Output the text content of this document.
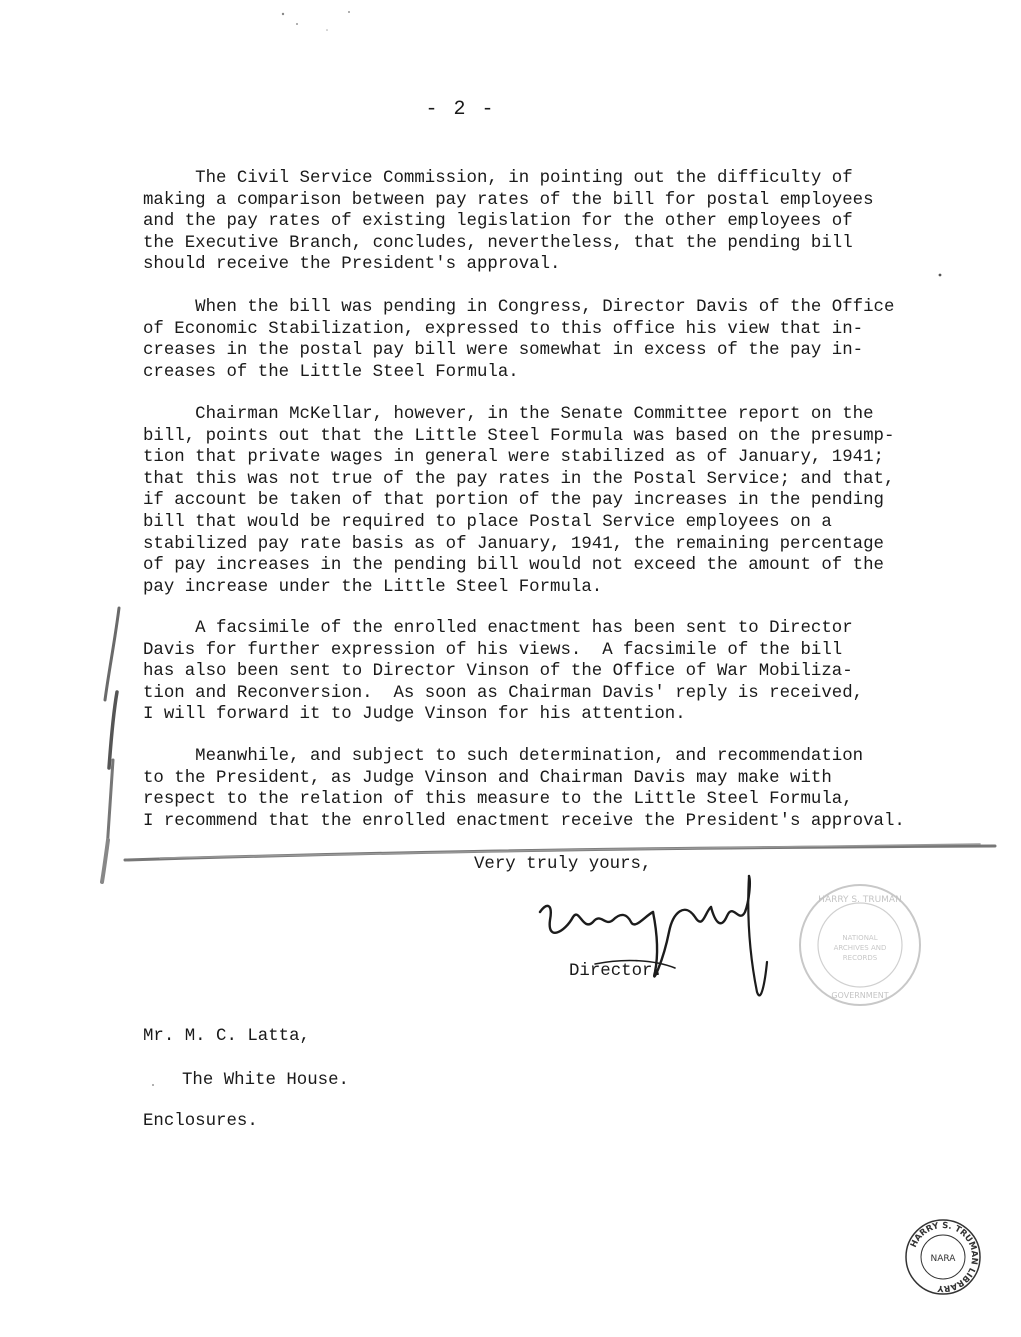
- 2 -
The Civil Service Commission, in pointing out the difficulty of
making a comparison between pay rates of the bill for postal employees
and the pay rates of existing legislation for the other employees of
the Executive Branch, concludes, nevertheless, that the pending bill
should receive the President's approval.
When the bill was pending in Congress, Director Davis of the Office
of Economic Stabilization, expressed to this office his view that in-
creases in the postal pay bill were somewhat in excess of the pay in-
creases of the Little Steel Formula.
Chairman McKellar, however, in the Senate Committee report on the
bill, points out that the Little Steel Formula was based on the presump-
tion that private wages in general were stabilized as of January, 1941;
that this was not true of the pay rates in the Postal Service; and that,
if account be taken of that portion of the pay increases in the pending
bill that would be required to place Postal Service employees on a
stabilized pay rate basis as of January, 1941, the remaining percentage
of pay increases in the pending bill would not exceed the amount of the
pay increase under the Little Steel Formula.
A facsimile of the enrolled enactment has been sent to Director
Davis for further expression of his views.  A facsimile of the bill
has also been sent to Director Vinson of the Office of War Mobiliza-
tion and Reconversion.  As soon as Chairman Davis' reply is received,
I will forward it to Judge Vinson for his attention.
Meanwhile, and subject to such determination, and recommendation
to the President, as Judge Vinson and Chairman Davis may make with
respect to the relation of this measure to the Little Steel Formula,
I recommend that the enrolled enactment receive the President's approval.
Very truly yours,
Director.
HARRY S. TRUMAN
NATIONAL
ARCHIVES AND
RECORDS
GOVERNMENT
Mr. M. C. Latta,
The White House.
Enclosures.
HARRY S. TRUMAN LIBRARY
NARA
